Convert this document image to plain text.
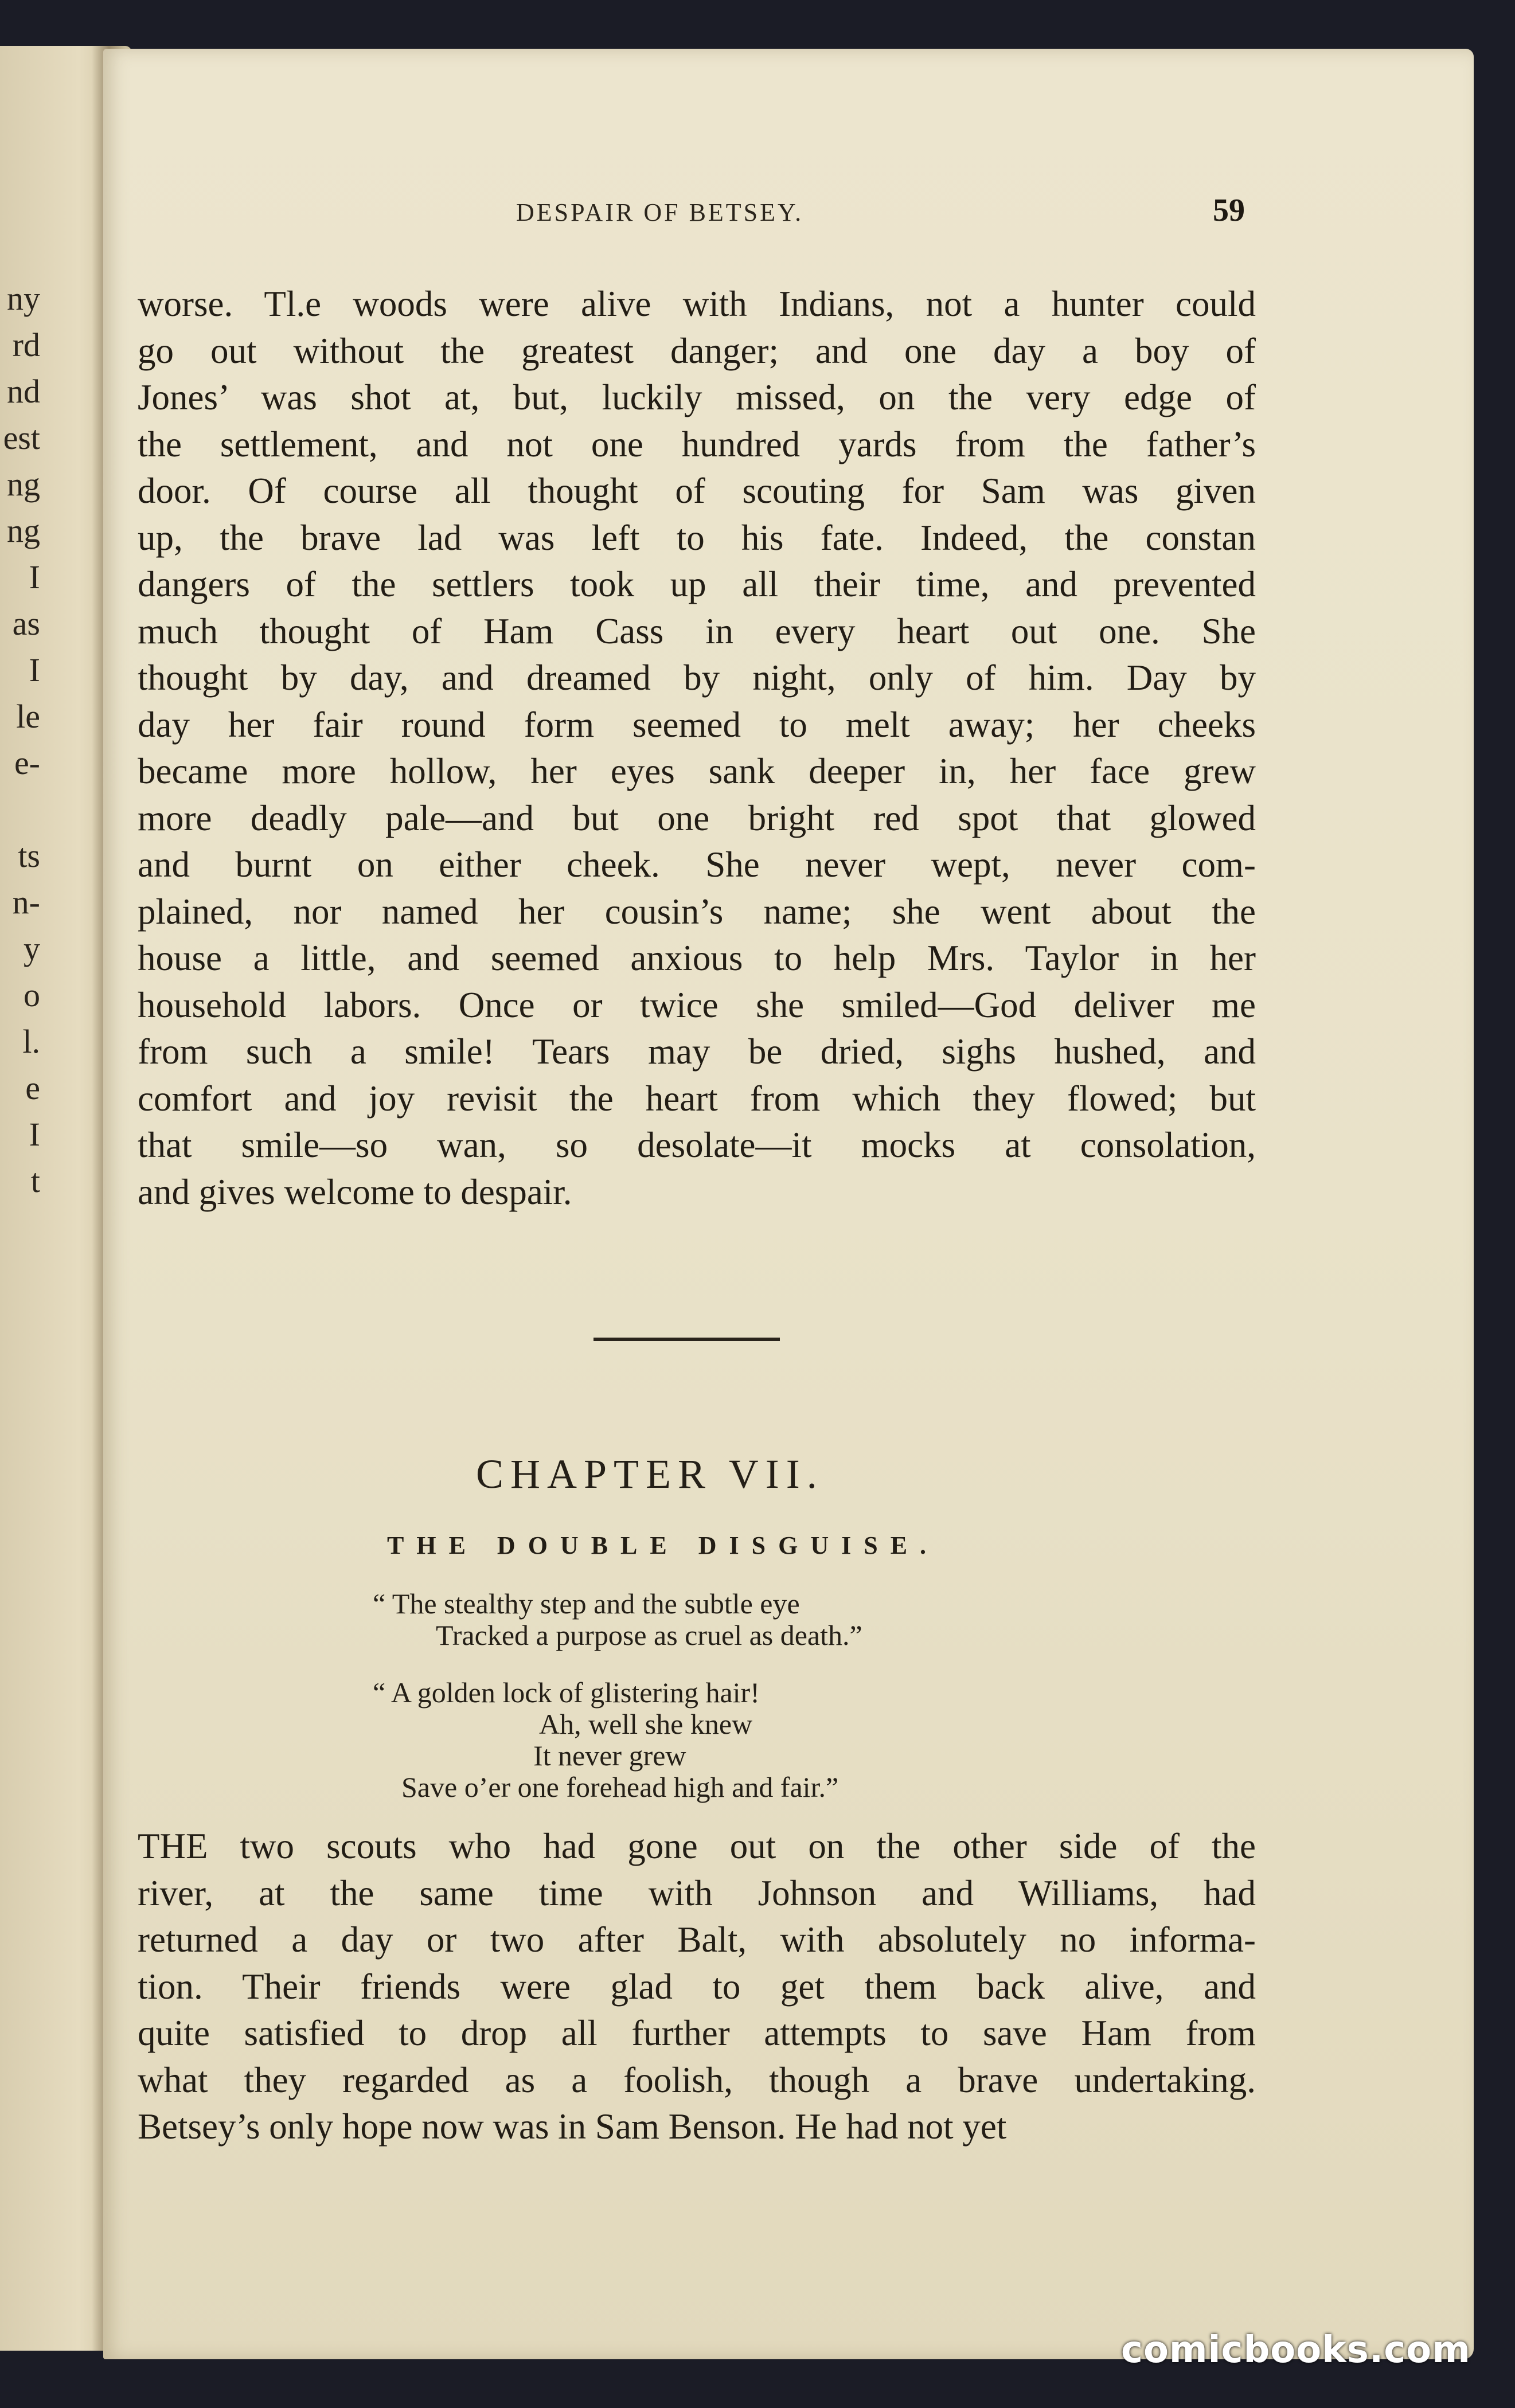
ny
rd
nd
est
ng
ng
I
as
I
le
e-
ts
n-
y
o
l.
e
I
t
DESPAIR OF BETSEY.	59
worse. Tl.e woods were alive with Indians, not a hunter could
go out without the greatest danger; and one day a boy of
Jones’ was shot at, but, luckily missed, on the very edge of
the settlement, and not one hundred yards from the father’s
door. Of course all thought of scouting for Sam was given
up, the brave lad was left to his fate. Indeed, the constan
dangers of the settlers took up all their time, and prevented
much thought of Ham Cass in every heart out one. She
thought by day, and dreamed by night, only of him. Day by
day her fair round form seemed to melt away; her cheeks
became more hollow, her eyes sank deeper in, her face grew
more deadly pale—and but one bright red spot that glowed
and burnt on either cheek. She never wept, never com-
plained, nor named her cousin’s name; she went about the
house a little, and seemed anxious to help Mrs. Taylor in her
household labors. Once or twice she smiled—God deliver me
from such a smile! Tears may be dried, sighs hushed, and
comfort and joy revisit the heart from which they flowed; but
that smile—so wan, so desolate—it mocks at consolation,
and gives welcome to despair.
CHAPTER VII.
THE DOUBLE DISGUISE.
“ The stealthy step and the subtle eye
Tracked a purpose as cruel as death.”
“ A golden lock of glistering hair!
Ah, well she knew
It never grew
Save o’er one forehead high and fair.”
THE two scouts who had gone out on the other side of the
river, at the same time with Johnson and Williams, had
returned a day or two after Balt, with absolutely no informa-
tion. Their friends were glad to get them back alive, and
quite satisfied to drop all further attempts to save Ham from
what they regarded as a foolish, though a brave undertaking.
Betsey’s only hope now was in Sam Benson. He had not yet
comicbooks.com
